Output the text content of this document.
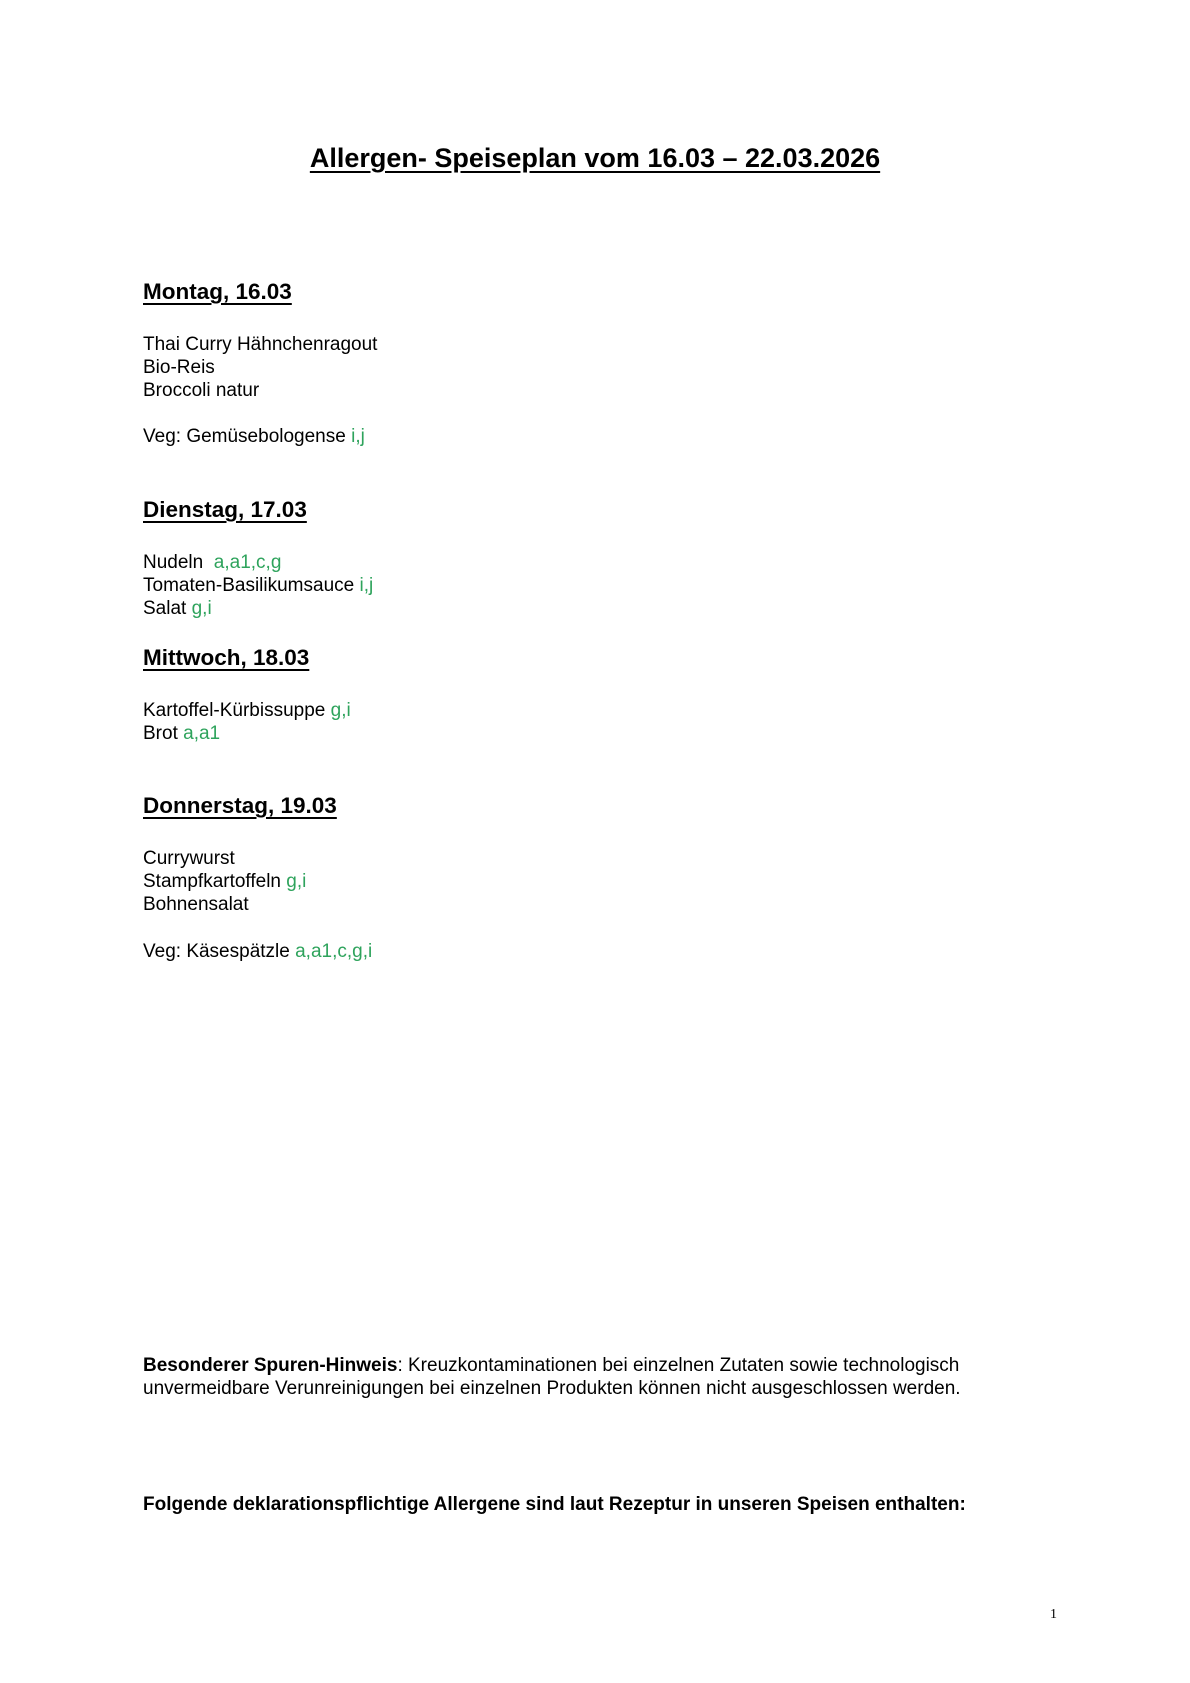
Allergen- Speiseplan vom 16.03 – 22.03.2026
Montag, 16.03
Thai Curry Hähnchenragout
Bio-Reis
Broccoli natur
Veg: Gemüsebologense i,j
Dienstag, 17.03
Nudeln  a,a1,c,g
Tomaten-Basilikumsauce i,j
Salat g,i
Mittwoch, 18.03
Kartoffel-Kürbissuppe g,i
Brot a,a1
Donnerstag, 19.03
Currywurst
Stampfkartoffeln g,i
Bohnensalat
Veg: Käsespätzle a,a1,c,g,i
Besonderer Spuren-Hinweis: Kreuzkontaminationen bei einzelnen Zutaten sowie technologisch unvermeidbare Verunreinigungen bei einzelnen Produkten können nicht ausgeschlossen werden.
Folgende deklarationspflichtige Allergene sind laut Rezeptur in unseren Speisen enthalten:
1
